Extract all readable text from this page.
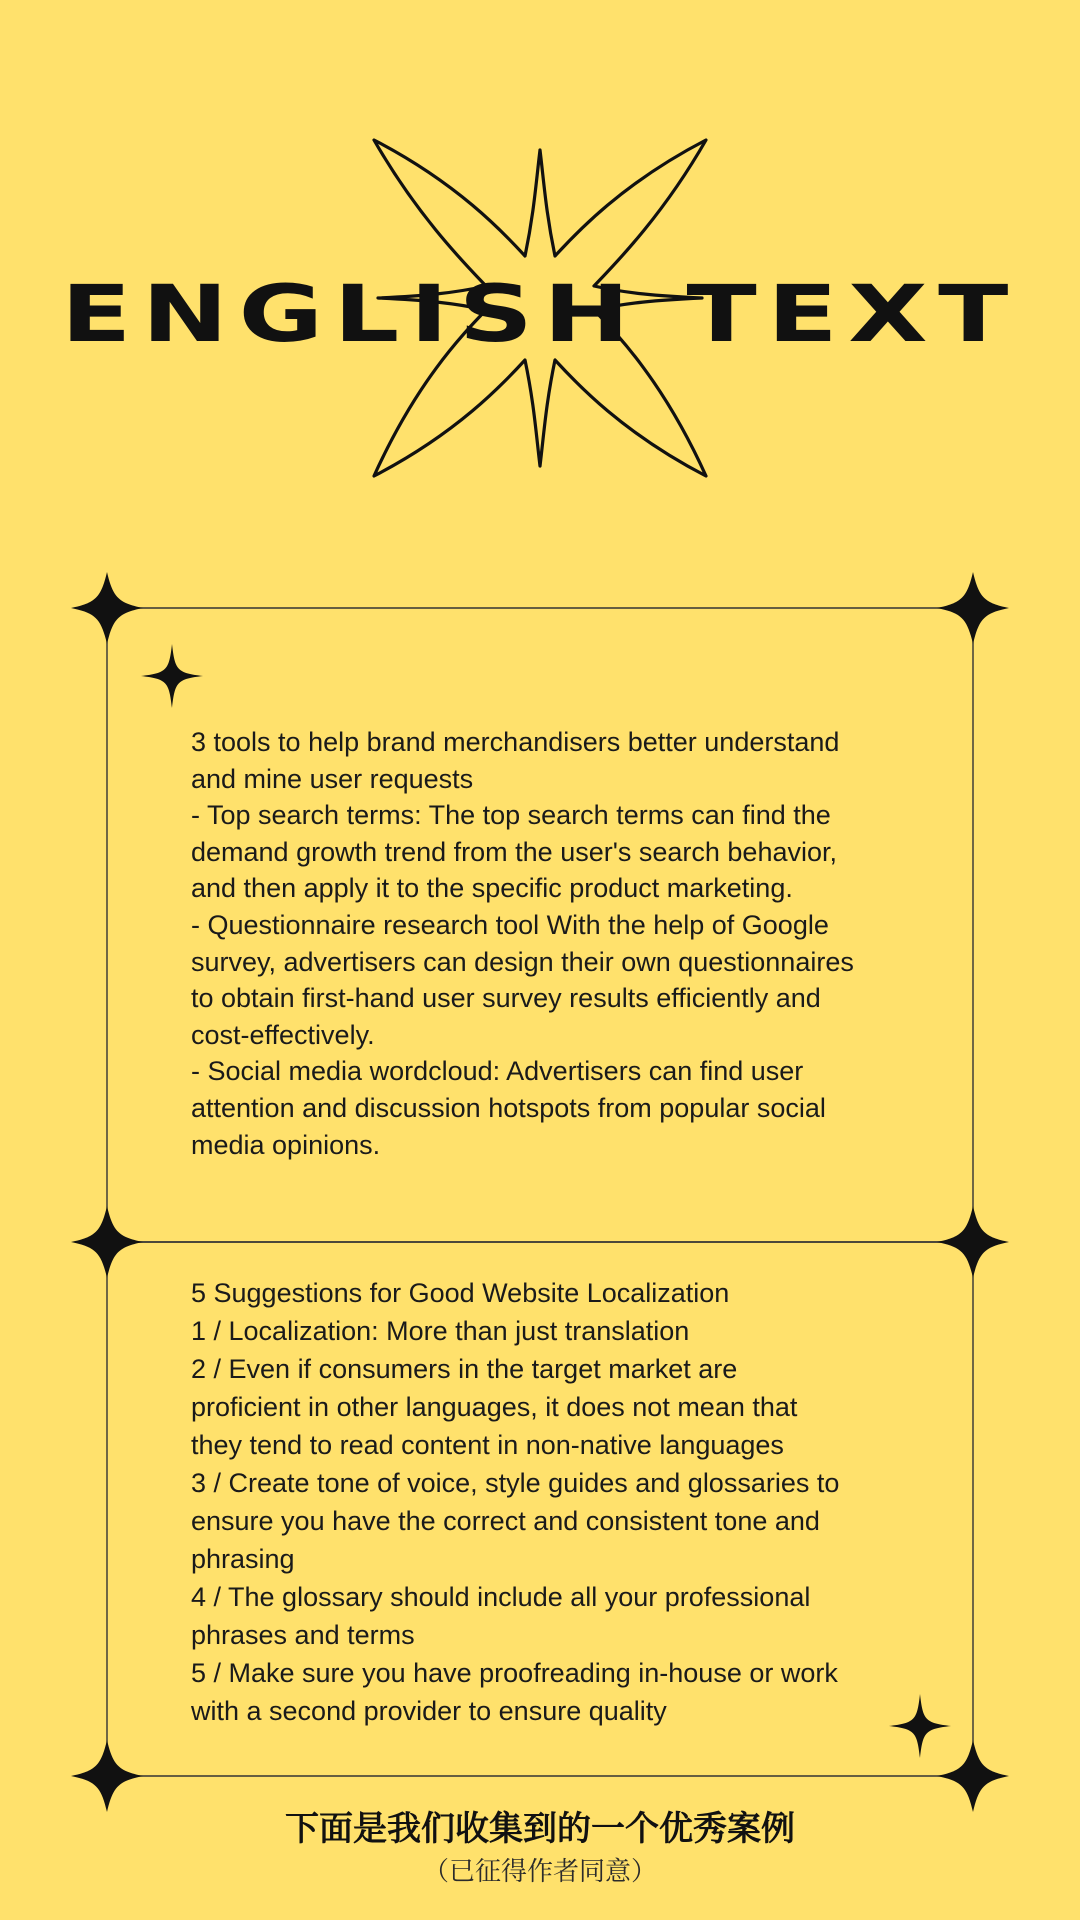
ENGLISH TEXT

3 tools to help brand merchandisers better understand
and mine user requests
- Top search terms: The top search terms can find the
demand growth trend from the user's search behavior,
and then apply it to the specific product marketing.
- Questionnaire research tool With the help of Google
survey, advertisers can design their own questionnaires
to obtain first-hand user survey results efficiently and
cost-effectively.
- Social media wordcloud: Advertisers can find user
attention and discussion hotspots from popular social
media opinions.

5 Suggestions for Good Website Localization
1 / Localization: More than just translation
2 / Even if consumers in the target market are
proficient in other languages, it does not mean that
they tend to read content in non-native languages
3 / Create tone of voice, style guides and glossaries to
ensure you have the correct and consistent tone and
phrasing
4 / The glossary should include all your professional
phrases and terms
5 / Make sure you have proofreading in-house or work
with a second provider to ensure quality

下面是我们收集到的一个优秀案例
（已征得作者同意）
